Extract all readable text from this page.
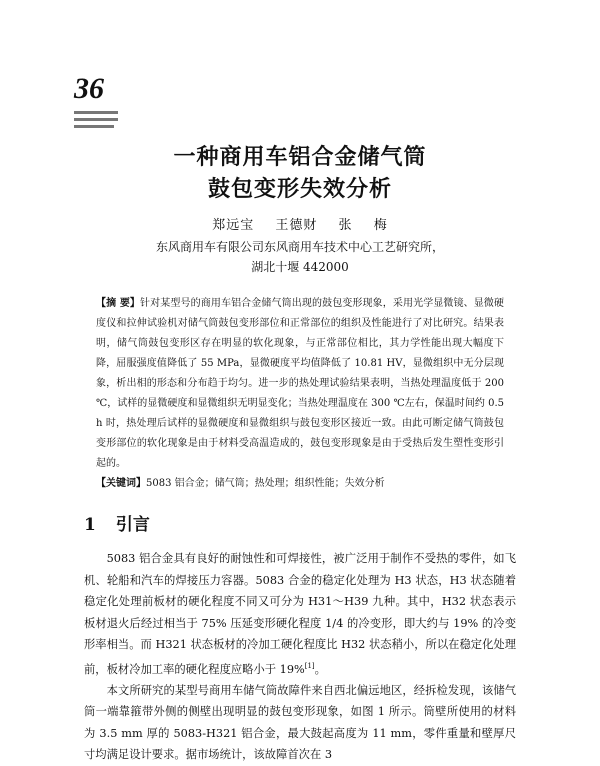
36
一种商用车铝合金储气筒
鼓包变形失效分析
郑远宝 王德财 张 梅
东风商用车有限公司东风商用车技术中心工艺研究所，
湖北十堰 442000
【摘 要】针对某型号的商用车铝合金储气筒出现的鼓包变形现象，采用光学显微镜、显微硬度仪和拉伸试验机对储气筒鼓包变形部位和正常部位的组织及性能进行了对比研究。结果表明，储气筒鼓包变形区存在明显的软化现象，与正常部位相比，其力学性能出现大幅度下降，屈服强度值降低了 55 MPa，显微硬度平均值降低了 10.81 HV，显微组织中无分层现象，析出相的形态和分布趋于均匀。进一步的热处理试验结果表明，当热处理温度低于 200 ℃，试样的显微硬度和显微组织无明显变化；当热处理温度在 300 ℃左右，保温时间约 0.5 h 时，热处理后试样的显微硬度和显微组织与鼓包变形区接近一致。由此可断定储气筒鼓包变形部位的软化现象是由于材料受高温造成的，鼓包变形现象是由于受热后发生塑性变形引起的。
【关键词】5083 铝合金；储气筒；热处理；组织性能；失效分析
1 引言

5083 铝合金具有良好的耐蚀性和可焊接性，被广泛用于制作不受热的零件，如飞机、轮船和汽车的焊接压力容器。5083 合金的稳定化处理为 H3 状态，H3 状态随着稳定化处理前板材的硬化程度不同又可分为 H31～H39 九种。其中，H32 状态表示板材退火后经过相当于 75% 压延变形硬化程度 1/4 的冷变形，即大约与 19% 的冷变形率相当。而 H321 状态板材的冷加工硬化程度比 H32 状态稍小，所以在稳定化处理前，板材冷加工率的硬化程度应略小于 19%[1]。

本文所研究的某型号商用车储气筒故障件来自西北偏远地区，经拆检发现，该储气筒一端靠箍带外侧的侧壁出现明显的鼓包变形现象，如图 1 所示。筒壁所使用的材料为 3.5 mm 厚的 5083-H321 铝合金，最大鼓起高度为 11 mm，零件重量和壁厚尺寸均满足设计要求。据市场统计，该故障首次在 3
